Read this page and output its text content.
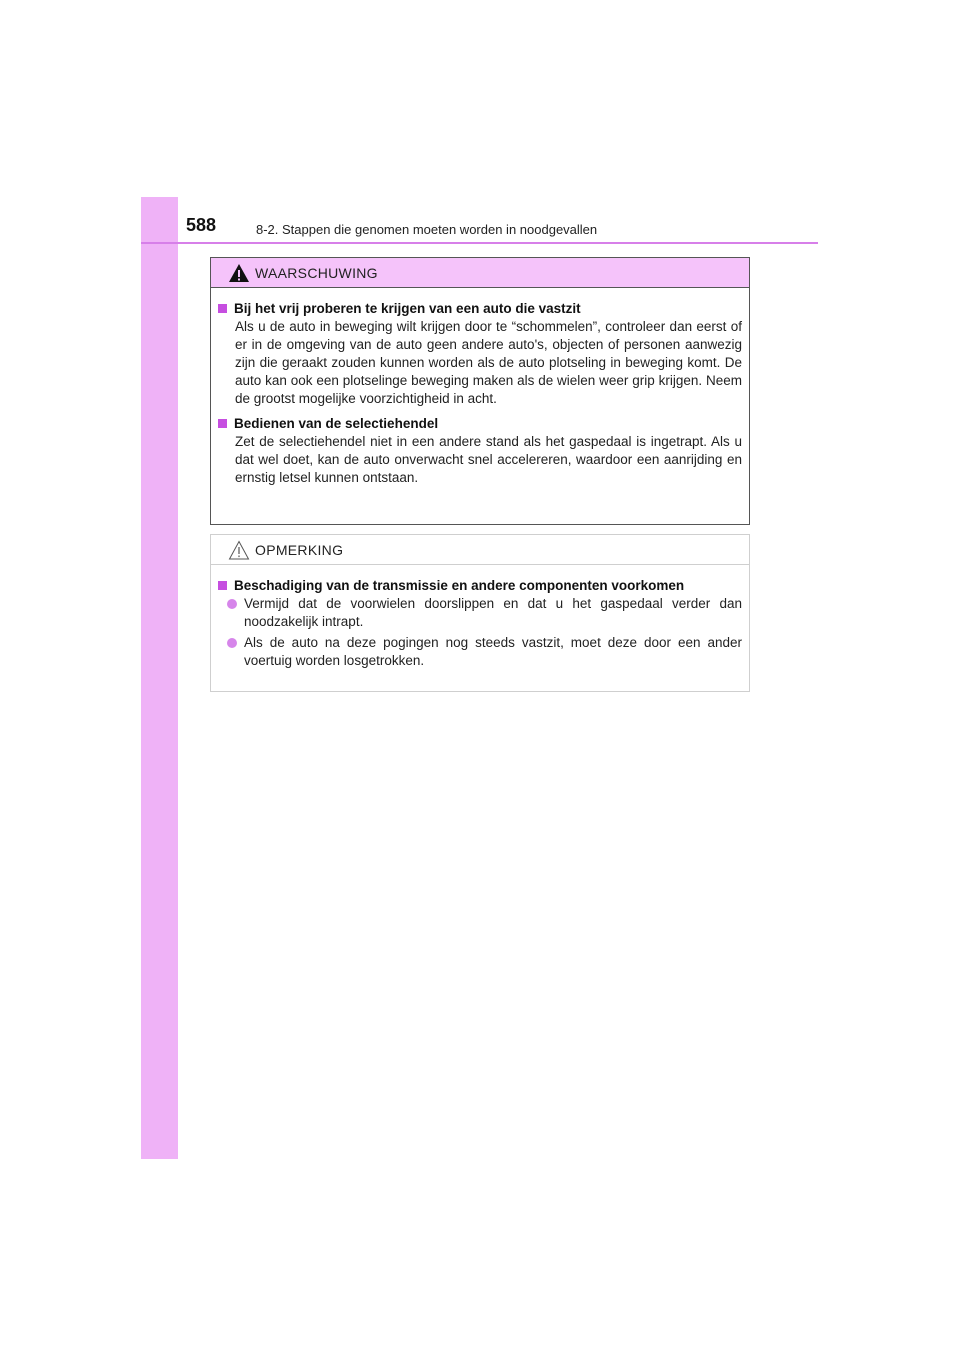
588	8-2. Stappen die genomen moeten worden in noodgevallen
WAARSCHUWING
Bij het vrij proberen te krijgen van een auto die vastzit

Als u de auto in beweging wilt krijgen door te “schommelen”, controleer dan eerst of er in de omgeving van de auto geen andere auto's, objecten of personen aanwezig zijn die geraakt zouden kunnen worden als de auto plotseling in beweging komt. De auto kan ook een plotselinge beweging maken als de wielen weer grip krijgen. Neem de grootst mogelijke voorzichtigheid in acht.

Bedienen van de selectiehendel

Zet de selectiehendel niet in een andere stand als het gaspedaal is ingetrapt. Als u dat wel doet, kan de auto onverwacht snel accelereren, waardoor een aanrijding en ernstig letsel kunnen ontstaan.

OPMERKING
Beschadiging van de transmissie en andere componenten voorkomen
Vermijd dat de voorwielen doorslippen en dat u het gaspedaal verder dan noodzakelijk intrapt.
Als de auto na deze pogingen nog steeds vastzit, moet deze door een ander voertuig worden losgetrokken.
